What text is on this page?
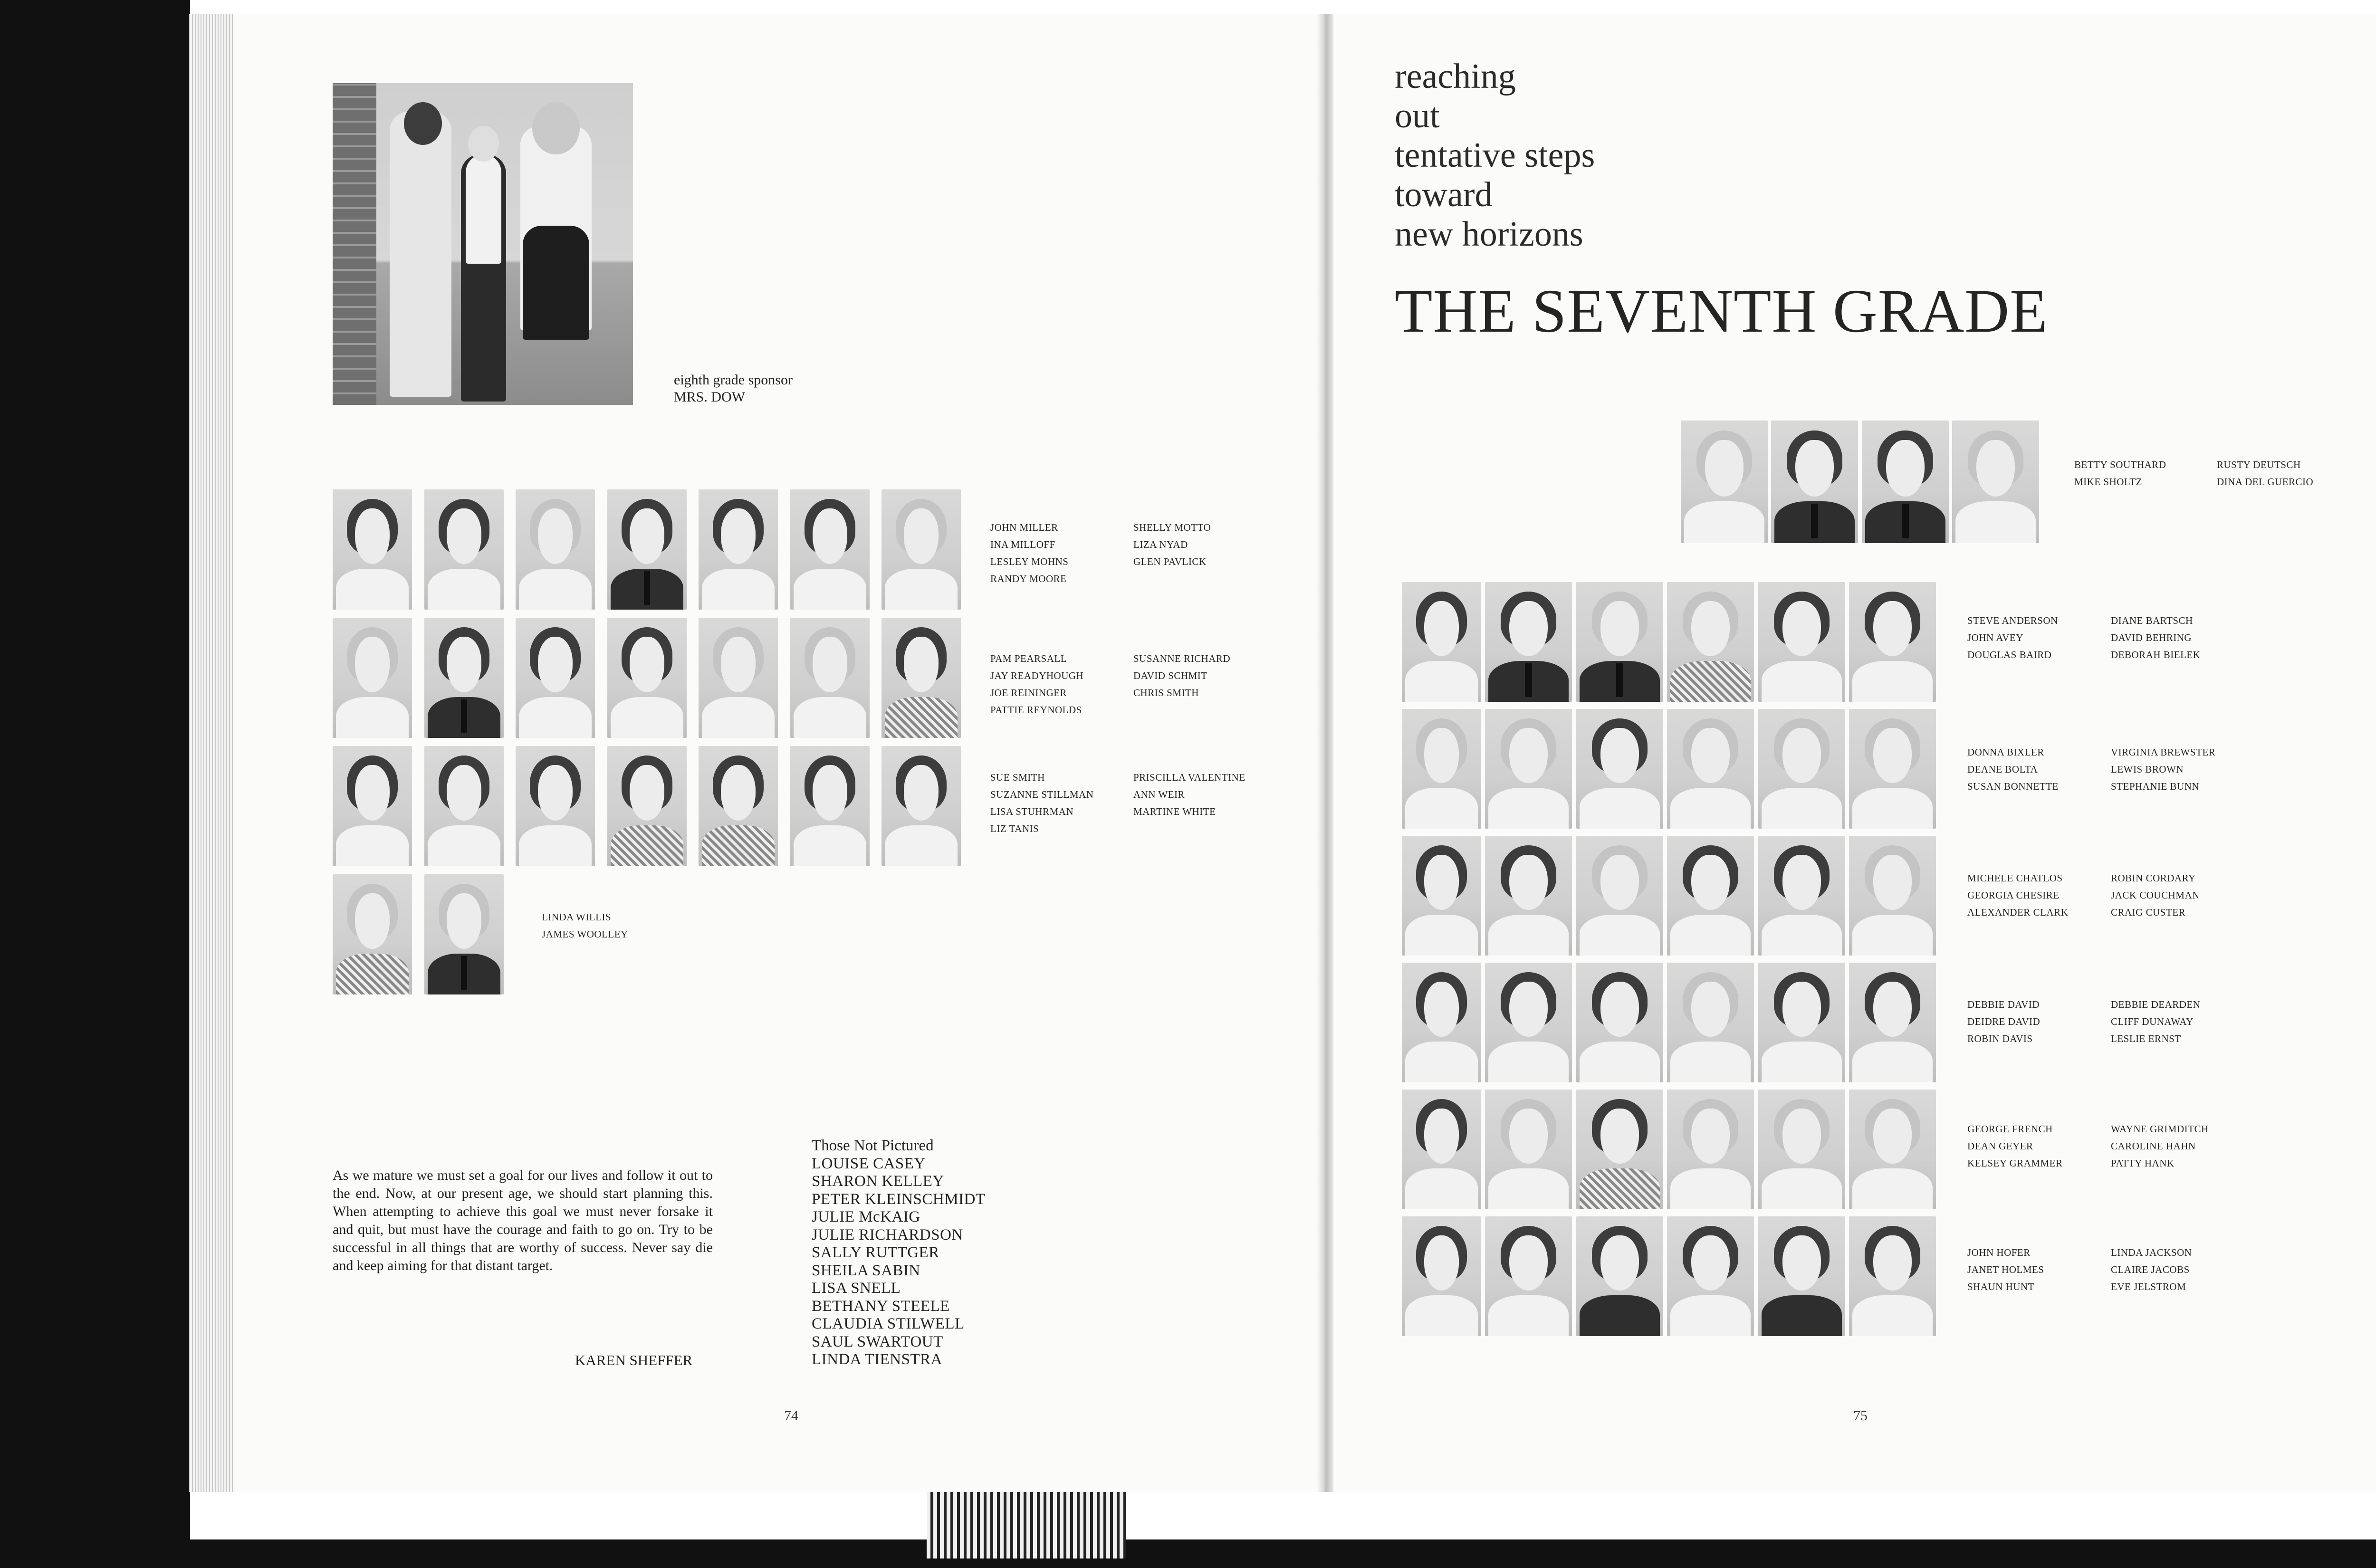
eighth grade sponsor
MRS. DOW
JOHN MILLER
INA MILLOFF
LESLEY MOHNS
RANDY MOORE
SHELLY MOTTO
LIZA NYAD
GLEN PAVLICK
PAM PEARSALL
JAY READYHOUGH
JOE REININGER
PATTIE REYNOLDS
SUSANNE RICHARD
DAVID SCHMIT
CHRIS SMITH
SUE SMITH
SUZANNE STILLMAN
LISA STUHRMAN
LIZ TANIS
PRISCILLA VALENTINE
ANN WEIR
MARTINE WHITE
LINDA WILLIS
JAMES WOOLLEY
As we mature we must set a goal for our lives and follow it out to the end. Now, at our present age, we should start planning this. When attempting to achieve this goal we must never forsake it and quit, but must have the courage and faith to go on. Try to be successful in all things that are worthy of success. Never say die and keep aiming for that distant target.
KAREN SHEFFER
Those Not Pictured
LOUISE CASEY
SHARON KELLEY
PETER KLEINSCHMIDT
JULIE McKAIG
JULIE RICHARDSON
SALLY RUTTGER
SHEILA SABIN
LISA SNELL
BETHANY STEELE
CLAUDIA STILWELL
SAUL SWARTOUT
LINDA TIENSTRA
74
reaching
out
tentative steps
toward
new horizons
THE SEVENTH GRADE
BETTY SOUTHARD
MIKE SHOLTZ
RUSTY DEUTSCH
DINA DEL GUERCIO
STEVE ANDERSON
JOHN AVEY
DOUGLAS BAIRD
DIANE BARTSCH
DAVID BEHRING
DEBORAH BIELEK
DONNA BIXLER
DEANE BOLTA
SUSAN BONNETTE
VIRGINIA BREWSTER
LEWIS BROWN
STEPHANIE BUNN
MICHELE CHATLOS
GEORGIA CHESIRE
ALEXANDER CLARK
ROBIN CORDARY
JACK COUCHMAN
CRAIG CUSTER
DEBBIE DAVID
DEIDRE DAVID
ROBIN DAVIS
DEBBIE DEARDEN
CLIFF DUNAWAY
LESLIE ERNST
GEORGE FRENCH
DEAN GEYER
KELSEY GRAMMER
WAYNE GRIMDITCH
CAROLINE HAHN
PATTY HANK
JOHN HOFER
JANET HOLMES
SHAUN HUNT
LINDA JACKSON
CLAIRE JACOBS
EVE JELSTROM
75
